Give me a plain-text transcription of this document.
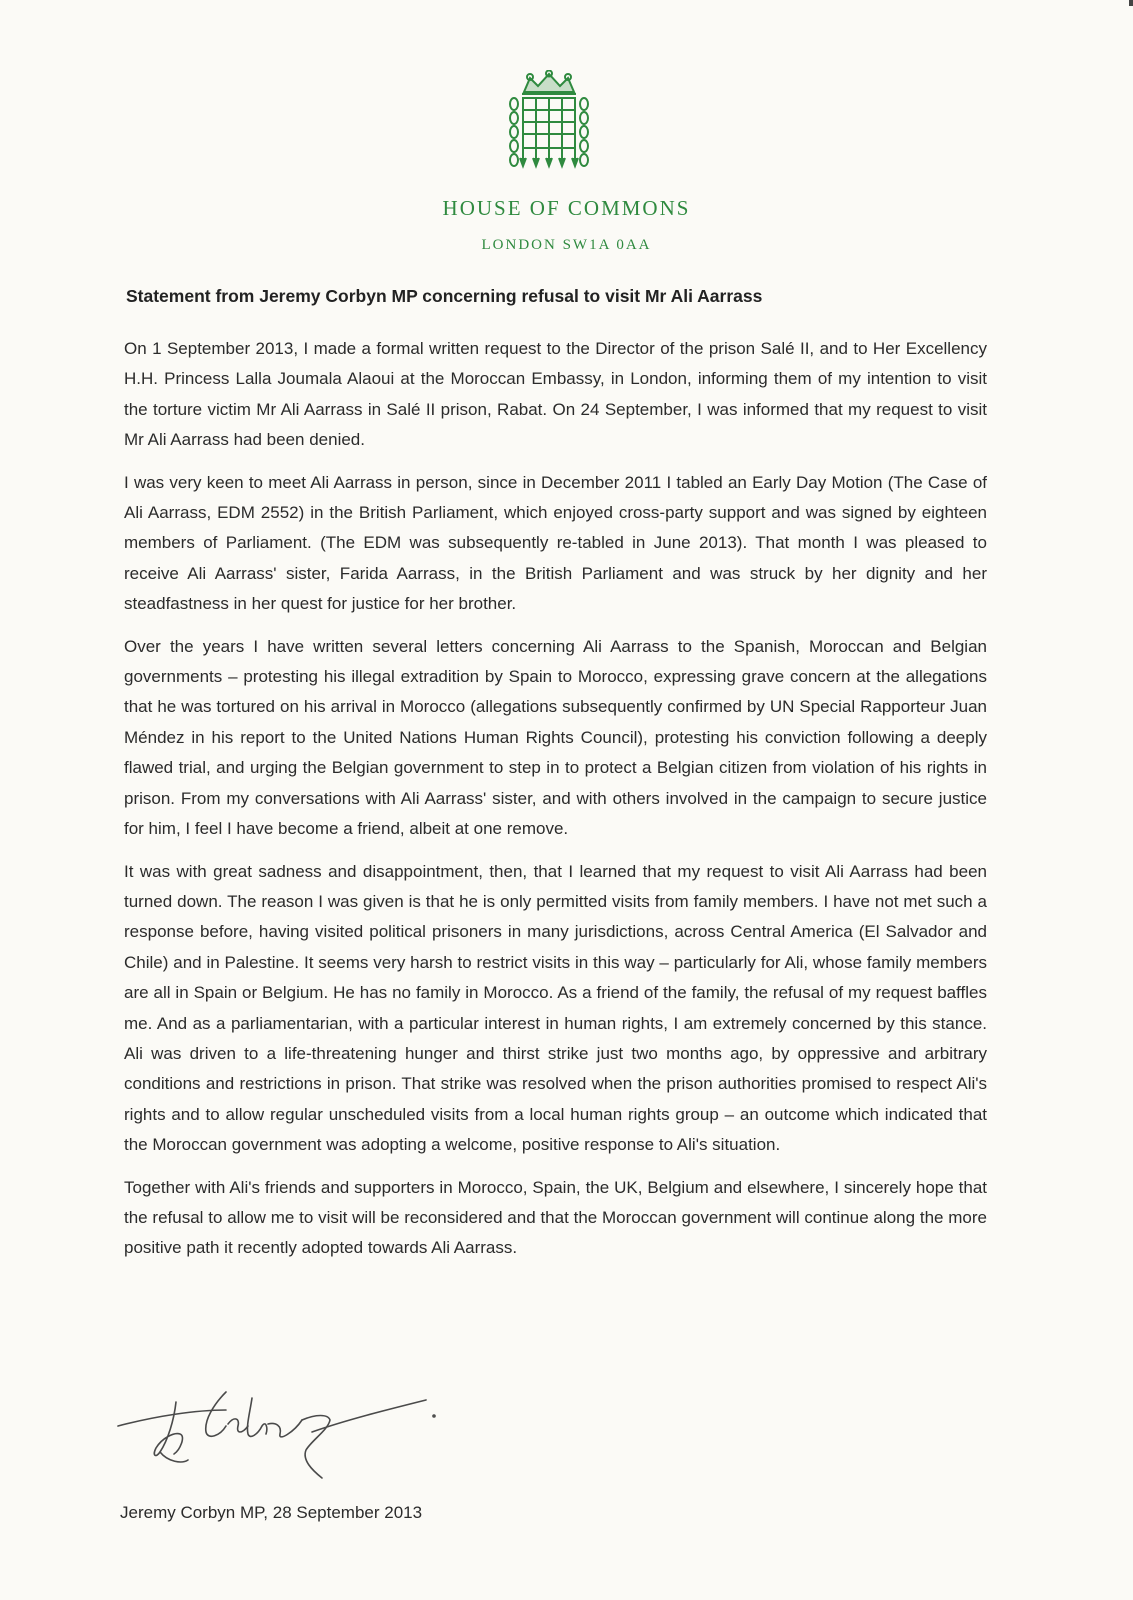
HOUSE OF COMMONS
LONDON SW1A 0AA
Statement from Jeremy Corbyn MP concerning refusal to visit Mr Ali Aarrass

On 1 September 2013, I made a formal written request to the Director of the prison Salé II, and to Her Excellency H.H. Princess Lalla Joumala Alaoui at the Moroccan Embassy, in London, informing them of my intention to visit the torture victim Mr Ali Aarrass in Salé II prison, Rabat. On 24 September, I was informed that my request to visit Mr Ali Aarrass had been denied.

I was very keen to meet Ali Aarrass in person, since in December 2011 I tabled an Early Day Motion (The Case of Ali Aarrass, EDM 2552) in the British Parliament, which enjoyed cross-party support and was signed by eighteen members of Parliament. (The EDM was subsequently re-tabled in June 2013). That month I was pleased to receive Ali Aarrass' sister, Farida Aarrass, in the British Parliament and was struck by her dignity and her steadfastness in her quest for justice for her brother.

Over the years I have written several letters concerning Ali Aarrass to the Spanish, Moroccan and Belgian governments – protesting his illegal extradition by Spain to Morocco, expressing grave concern at the allegations that he was tortured on his arrival in Morocco (allegations subsequently confirmed by UN Special Rapporteur Juan Méndez in his report to the United Nations Human Rights Council), protesting his conviction following a deeply flawed trial, and urging the Belgian government to step in to protect a Belgian citizen from violation of his rights in prison. From my conversations with Ali Aarrass' sister, and with others involved in the campaign to secure justice for him, I feel I have become a friend, albeit at one remove.

It was with great sadness and disappointment, then, that I learned that my request to visit Ali Aarrass had been turned down. The reason I was given is that he is only permitted visits from family members. I have not met such a response before, having visited political prisoners in many jurisdictions, across Central America (El Salvador and Chile) and in Palestine. It seems very harsh to restrict visits in this way – particularly for Ali, whose family members are all in Spain or Belgium. He has no family in Morocco. As a friend of the family, the refusal of my request baffles me. And as a parliamentarian, with a particular interest in human rights, I am extremely concerned by this stance. Ali was driven to a life-threatening hunger and thirst strike just two months ago, by oppressive and arbitrary conditions and restrictions in prison. That strike was resolved when the prison authorities promised to respect Ali's rights and to allow regular unscheduled visits from a local human rights group – an outcome which indicated that the Moroccan government was adopting a welcome, positive response to Ali's situation.

Together with Ali's friends and supporters in Morocco, Spain, the UK, Belgium and elsewhere, I sincerely hope that the refusal to allow me to visit will be reconsidered and that the Moroccan government will continue along the more positive path it recently adopted towards Ali Aarrass.

Jeremy Corbyn MP, 28 September 2013
